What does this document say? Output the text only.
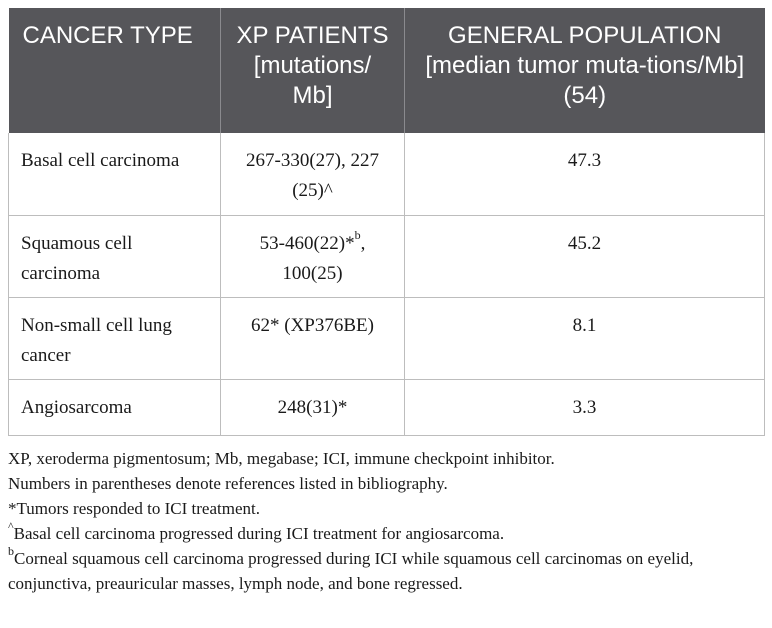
CANCER TYPE	XP PATIENTS [mutations/ Mb]	GENERAL POPULATION [median tumor muta-tions/Mb](54)
Basal cell carcinoma	267-330(27), 227 (25)^	47.3
Squamous cell carcinoma	53-460(22)*$^b$, 100(25)	45.2
Non-small cell lung cancer	62* (XP376BE)	8.1
Angiosarcoma	248(31)*	3.3

XP, xeroderma pigmentosum; Mb, megabase; ICI, immune checkpoint inhibitor.

Numbers in parentheses denote references listed in bibliography.

*Tumors responded to ICI treatment.

^Basal cell carcinoma progressed during ICI treatment for angiosarcoma.

$^b$Corneal squamous cell carcinoma progressed during ICI while squamous cell carcinomas on eyelid, conjunctiva, preauricular masses, lymph node, and bone regressed.
